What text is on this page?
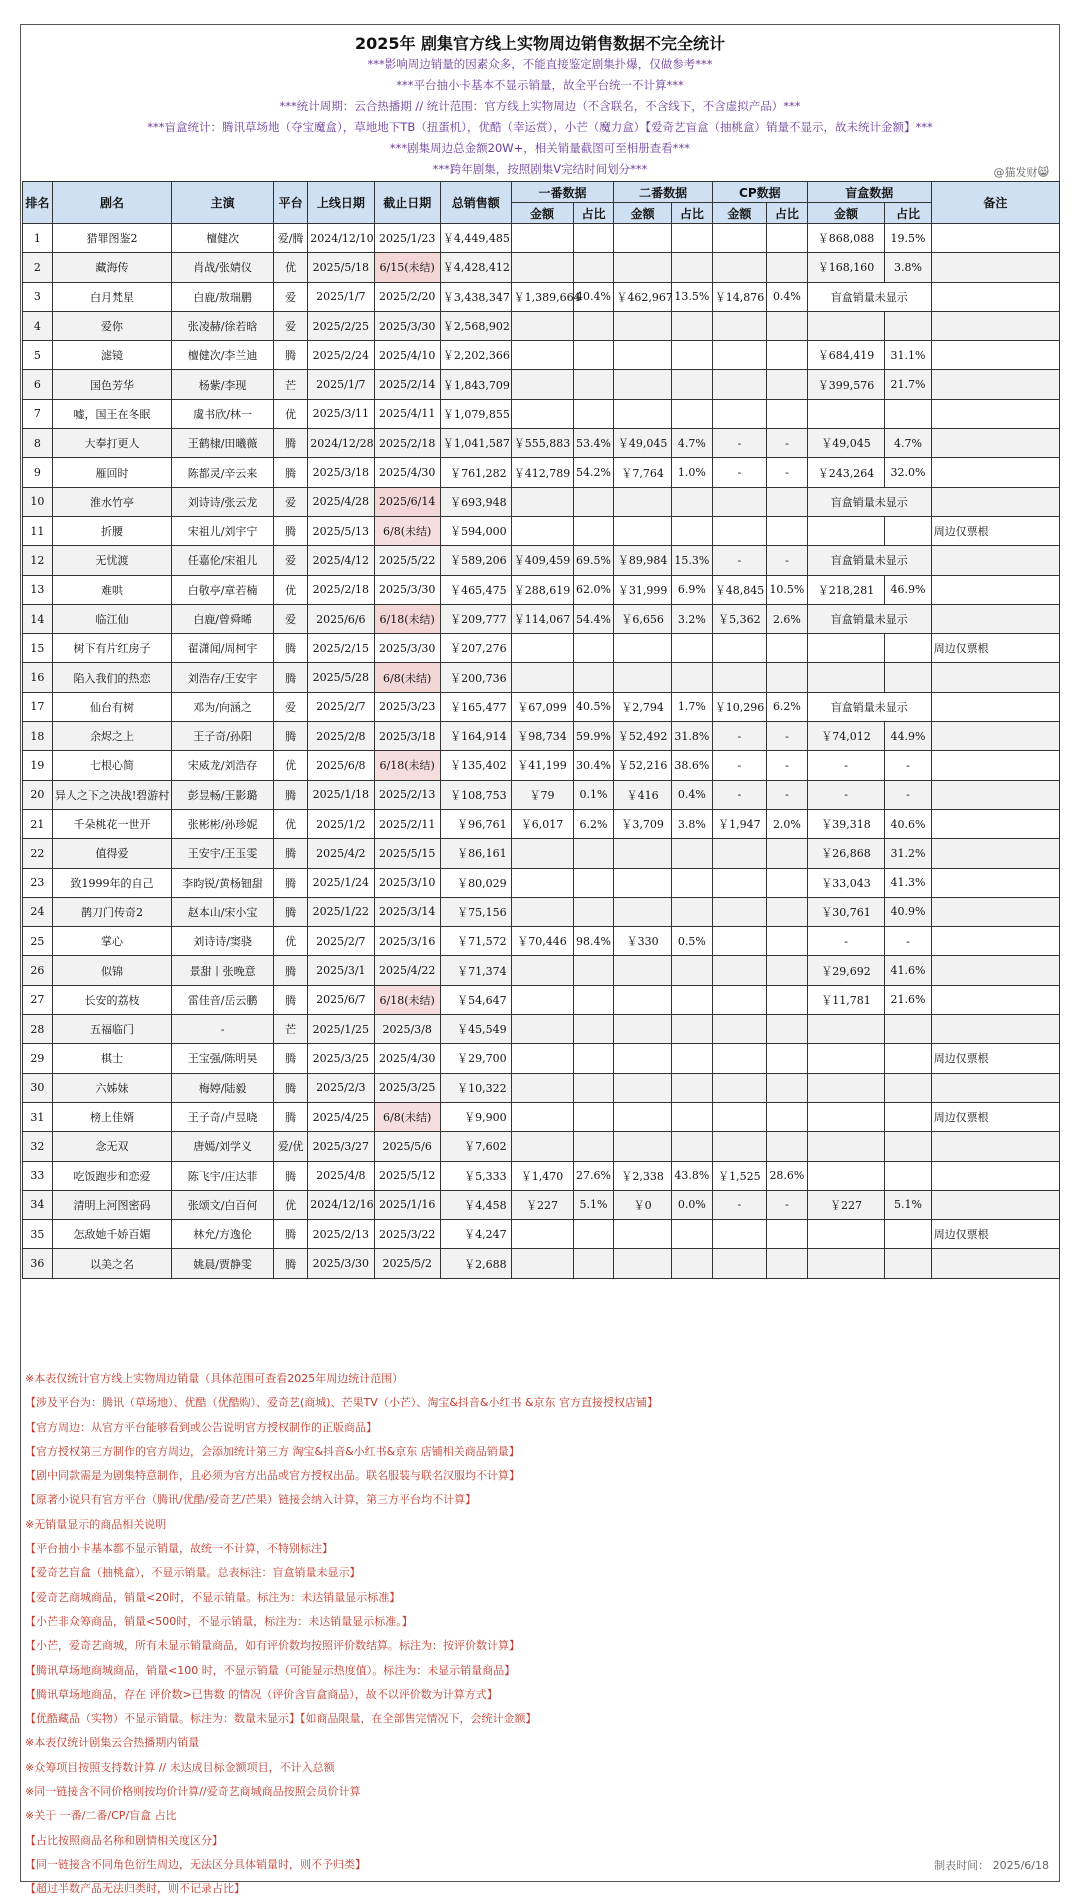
2025年 剧集官方线上实物周边销售数据不完全统计
***影响周边销量的因素众多，不能直接鉴定剧集扑爆，仅做参考***
***平台抽小卡基本不显示销量，故全平台统一不计算***
***统计周期：云合热播期 // 统计范围：官方线上实物周边（不含联名，不含线下，不含虚拟产品）***
***盲盒统计：腾讯草场地（夺宝魔盒），草地地下TB（扭蛋机），优酷（幸运赏），小芒（魔力盒）【爱奇艺盲盒（抽桃盒）销量不显示，故未统计金额】***
***剧集周边总金额20W+，相关销量截图可至相册查看***
***跨年剧集，按照剧集V完结时间划分***	@猫发财😸
排名	剧名	主演	平台	上线日期	截止日期	总销售额	一番数据		二番数据		CP数据		盲盒数据		备注
							金额	占比	金额	占比	金额	占比	金额	占比	
1	猎罪图鉴2	檀健次	爱/腾	2024/12/10	2025/1/23	￥4,449,485							￥868,088	19.5%	
2	藏海传	肖战/张婧仪	优	2025/5/18	6/15(未结)	￥4,428,412							￥168,160	3.8%	
3	白月梵星	白鹿/敖瑞鹏	爱	2025/1/7	2025/2/20	￥3,438,347	￥1,389,664	40.4%	￥462,967	13.5%	￥14,876	0.4%	盲盒销量未显示		
4	爱你	张凌赫/徐若晗	爱	2025/2/25	2025/3/30	￥2,568,902									
5	滤镜	檀健次/李兰迪	腾	2025/2/24	2025/4/10	￥2,202,366							￥684,419	31.1%	
6	国色芳华	杨紫/李现	芒	2025/1/7	2025/2/14	￥1,843,709							￥399,576	21.7%	
7	嘘，国王在冬眠	虞书欣/林一	优	2025/3/11	2025/4/11	￥1,079,855									
8	大奉打更人	王鹤棣/田曦薇	腾	2024/12/28	2025/2/18	￥1,041,587	￥555,883	53.4%	￥49,045	4.7%	-	-	￥49,045	4.7%	
9	雁回时	陈都灵/辛云来	腾	2025/3/18	2025/4/30	￥761,282	￥412,789	54.2%	￥7,764	1.0%	-	-	￥243,264	32.0%	
10	淮水竹亭	刘诗诗/张云龙	爱	2025/4/28	2025/6/14	￥693,948							盲盒销量未显示		
11	折腰	宋祖儿/刘宇宁	腾	2025/5/13	6/8(未结)	￥594,000									周边仅票根
12	无忧渡	任嘉伦/宋祖儿	爱	2025/4/12	2025/5/22	￥589,206	￥409,459	69.5%	￥89,984	15.3%	-	-	盲盒销量未显示		
13	难哄	白敬亭/章若楠	优	2025/2/18	2025/3/30	￥465,475	￥288,619	62.0%	￥31,999	6.9%	￥48,845	10.5%	￥218,281	46.9%	
14	临江仙	白鹿/曾舜晞	爱	2025/6/6	6/18(未结)	￥209,777	￥114,067	54.4%	￥6,656	3.2%	￥5,362	2.6%	盲盒销量未显示		
15	树下有片红房子	翟潇闻/周柯宇	腾	2025/2/15	2025/3/30	￥207,276									周边仅票根
16	陷入我们的热恋	刘浩存/王安宇	腾	2025/5/28	6/8(未结)	￥200,736									
17	仙台有树	邓为/向涵之	爱	2025/2/7	2025/3/23	￥165,477	￥67,099	40.5%	￥2,794	1.7%	￥10,296	6.2%	盲盒销量未显示		
18	余烬之上	王子奇/孙阳	腾	2025/2/8	2025/3/18	￥164,914	￥98,734	59.9%	￥52,492	31.8%	-	-	￥74,012	44.9%	
19	七根心简	宋威龙/刘浩存	优	2025/6/8	6/18(未结)	￥135,402	￥41,199	30.4%	￥52,216	38.6%	-	-	-	-	
20	异人之下之决战!碧游村	彭昱畅/王影璐	腾	2025/1/18	2025/2/13	￥108,753	￥79	0.1%	￥416	0.4%	-	-	-	-	
21	千朵桃花一世开	张彬彬/孙珍妮	优	2025/1/2	2025/2/11	￥96,761	￥6,017	6.2%	￥3,709	3.8%	￥1,947	2.0%	￥39,318	40.6%	
22	值得爱	王安宇/王玉雯	腾	2025/4/2	2025/5/15	￥86,161							￥26,868	31.2%	
23	致1999年的自己	李昀锐/黄杨钿甜	腾	2025/1/24	2025/3/10	￥80,029							￥33,043	41.3%	
24	鹊刀门传奇2	赵本山/宋小宝	腾	2025/1/22	2025/3/14	￥75,156							￥30,761	40.9%	
25	掌心	刘诗诗/窦骁	优	2025/2/7	2025/3/16	￥71,572	￥70,446	98.4%	￥330	0.5%			-	-	
26	似锦	景甜丨张晚意	腾	2025/3/1	2025/4/22	￥71,374							￥29,692	41.6%	
27	长安的荔枝	雷佳音/岳云鹏	腾	2025/6/7	6/18(未结)	￥54,647							￥11,781	21.6%	
28	五福临门	-	芒	2025/1/25	2025/3/8	￥45,549									
29	棋士	王宝强/陈明昊	腾	2025/3/25	2025/4/30	￥29,700									周边仅票根
30	六姊妹	梅婷/陆毅	腾	2025/2/3	2025/3/25	￥10,322									
31	榜上佳婿	王子奇/卢昱晓	腾	2025/4/25	6/8(未结)	￥9,900									周边仅票根
32	念无双	唐嫣/刘学义	爱/优	2025/3/27	2025/5/6	￥7,602									
33	吃饭跑步和恋爱	陈飞宇/庄达菲	腾	2025/4/8	2025/5/12	￥5,333	￥1,470	27.6%	￥2,338	43.8%	￥1,525	28.6%			
34	清明上河图密码	张颂文/白百何	优	2024/12/16	2025/1/16	￥4,458	￥227	5.1%	￥0	0.0%	-	-	￥227	5.1%	
35	怎敌她千娇百媚	林允/方逸伦	腾	2025/2/13	2025/3/22	￥4,247									周边仅票根
36	以美之名	姚晨/贾静雯	腾	2025/3/30	2025/5/2	￥2,688									
※本表仅统计官方线上实物周边销量（具体范围可查看2025年周边统计范围）
【涉及平台为：腾讯（草场地）、优酷（优酷购）、爱奇艺(商城)、芒果TV（小芒）、淘宝&抖音&小红书 &京东 官方直接授权店铺】
【官方周边：从官方平台能够看到或公告说明官方授权制作的正版商品】
【官方授权第三方制作的官方周边，会添加统计第三方 淘宝&抖音&小红书&京东 店铺相关商品销量】
【剧中同款需是为剧集特意制作，且必须为官方出品或官方授权出品。联名服装与联名汉服均不计算】
【原著小说只有官方平台（腾讯/优酷/爱奇艺/芒果）链接会纳入计算，第三方平台均不计算】
※无销量显示的商品相关说明
【平台抽小卡基本都不显示销量，故统一不计算，不特别标注】
【爱奇艺盲盒（抽桃盒），不显示销量。总表标注：盲盒销量未显示】
【爱奇艺商城商品，销量<20时，不显示销量。标注为：未达销量显示标准】
【小芒非众筹商品，销量<500时，不显示销量，标注为：未达销量显示标准。】
【小芒，爱奇艺商城，所有未显示销量商品，如有评价数均按照评价数结算。标注为：按评价数计算】
【腾讯草场地商城商品，销量<100 时，不显示销量（可能显示热度值）。标注为：未显示销量商品】
【腾讯草场地商品，存在 评价数>已售数 的情况（评价含盲盒商品），故不以评价数为计算方式】
【优酷藏品（实物）不显示销量。标注为：数量未显示】【如商品限量，在全部售完情况下，会统计金额】
※本表仅统计剧集云合热播期内销量
※众筹项目按照支持数计算 // 未达成目标金额项目，不计入总额
※同一链接含不同价格则按均价计算//爱奇艺商城商品按照会员价计算
※关于 一番/二番/CP/盲盒 占比
【占比按照商品名称和剧情相关度区分】
【同一链接含不同角色衍生周边，无法区分具体销量时，则不予归类】
【超过半数产品无法归类时，则不记录占比】
制表时间： 2025/6/18
